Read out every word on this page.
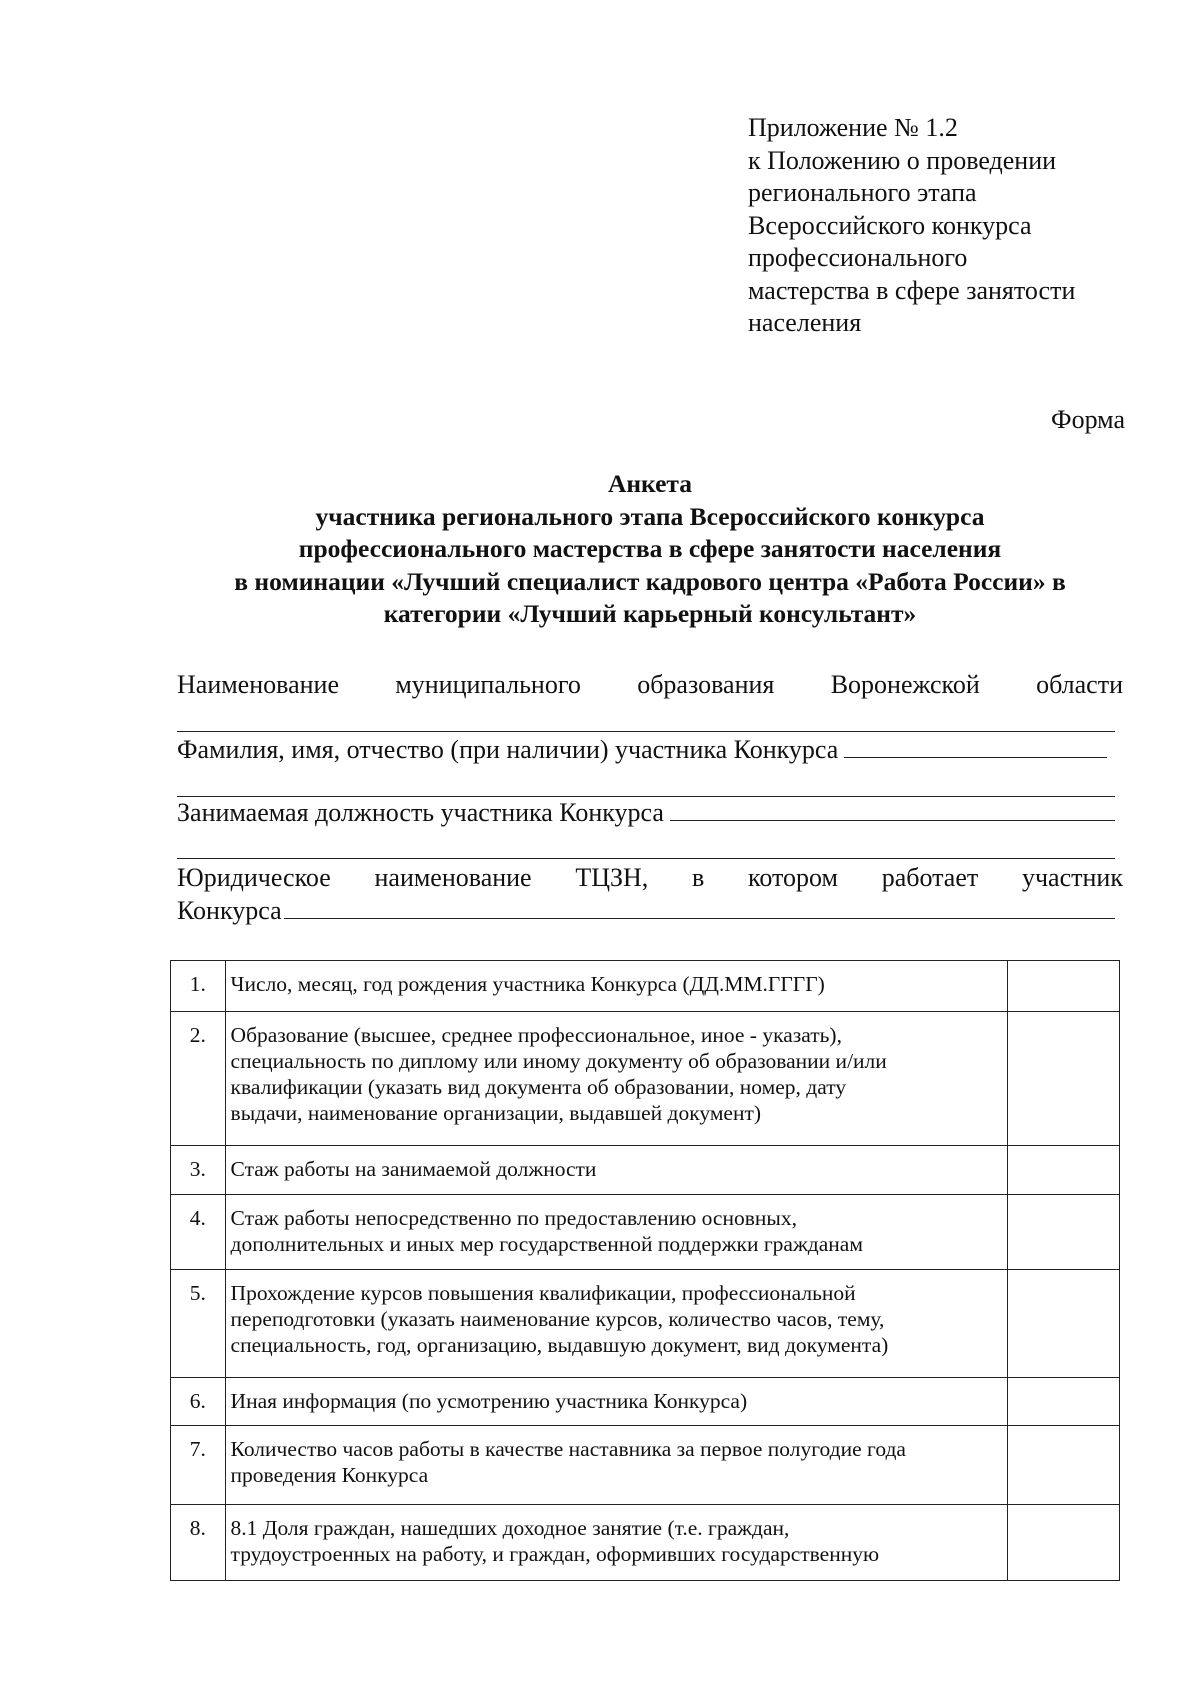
Приложение № 1.2
к Положению о проведении
регионального этапа
Всероссийского конкурса
профессионального
мастерства в сфере занятости
населения
Форма
Анкета
участника регионального этапа Всероссийского конкурса
профессионального мастерства в сфере занятости населения
в номинации «Лучший специалист кадрового центра «Работа России» в
категории «Лучший карьерный консультант»
Наименование муниципального образования Воронежской области
Фамилия, имя, отчество (при наличии) участника Конкурса
Занимаемая должность участника Конкурса
Юридическое наименование ТЦЗН, в котором работает участник
Конкурса
1.	Число, месяц, год рождения участника Конкурса (ДД.ММ.ГГГГ)	

2.	Образование (высшее, среднее профессиональное, иное - указать),
специальность по диплому или иному документу об образовании и/или
квалификации (указать вид документа об образовании, номер, дату
выдачи, наименование организации, выдавшей документ)	

3.	Стаж работы на занимаемой должности	

4.	Стаж работы непосредственно по предоставлению основных,
дополнительных и иных мер государственной поддержки гражданам	

5.	Прохождение курсов повышения квалификации, профессиональной
переподготовки (указать наименование курсов, количество часов, тему,
специальность, год, организацию, выдавшую документ, вид документа)	

6.	Иная информация (по усмотрению участника Конкурса)	

7.	Количество часов работы в качестве наставника за первое полугодие года
проведения Конкурса	

8.	8.1 Доля граждан, нашедших доходное занятие (т.е. граждан,
трудоустроенных на работу, и граждан, оформивших государственную	
